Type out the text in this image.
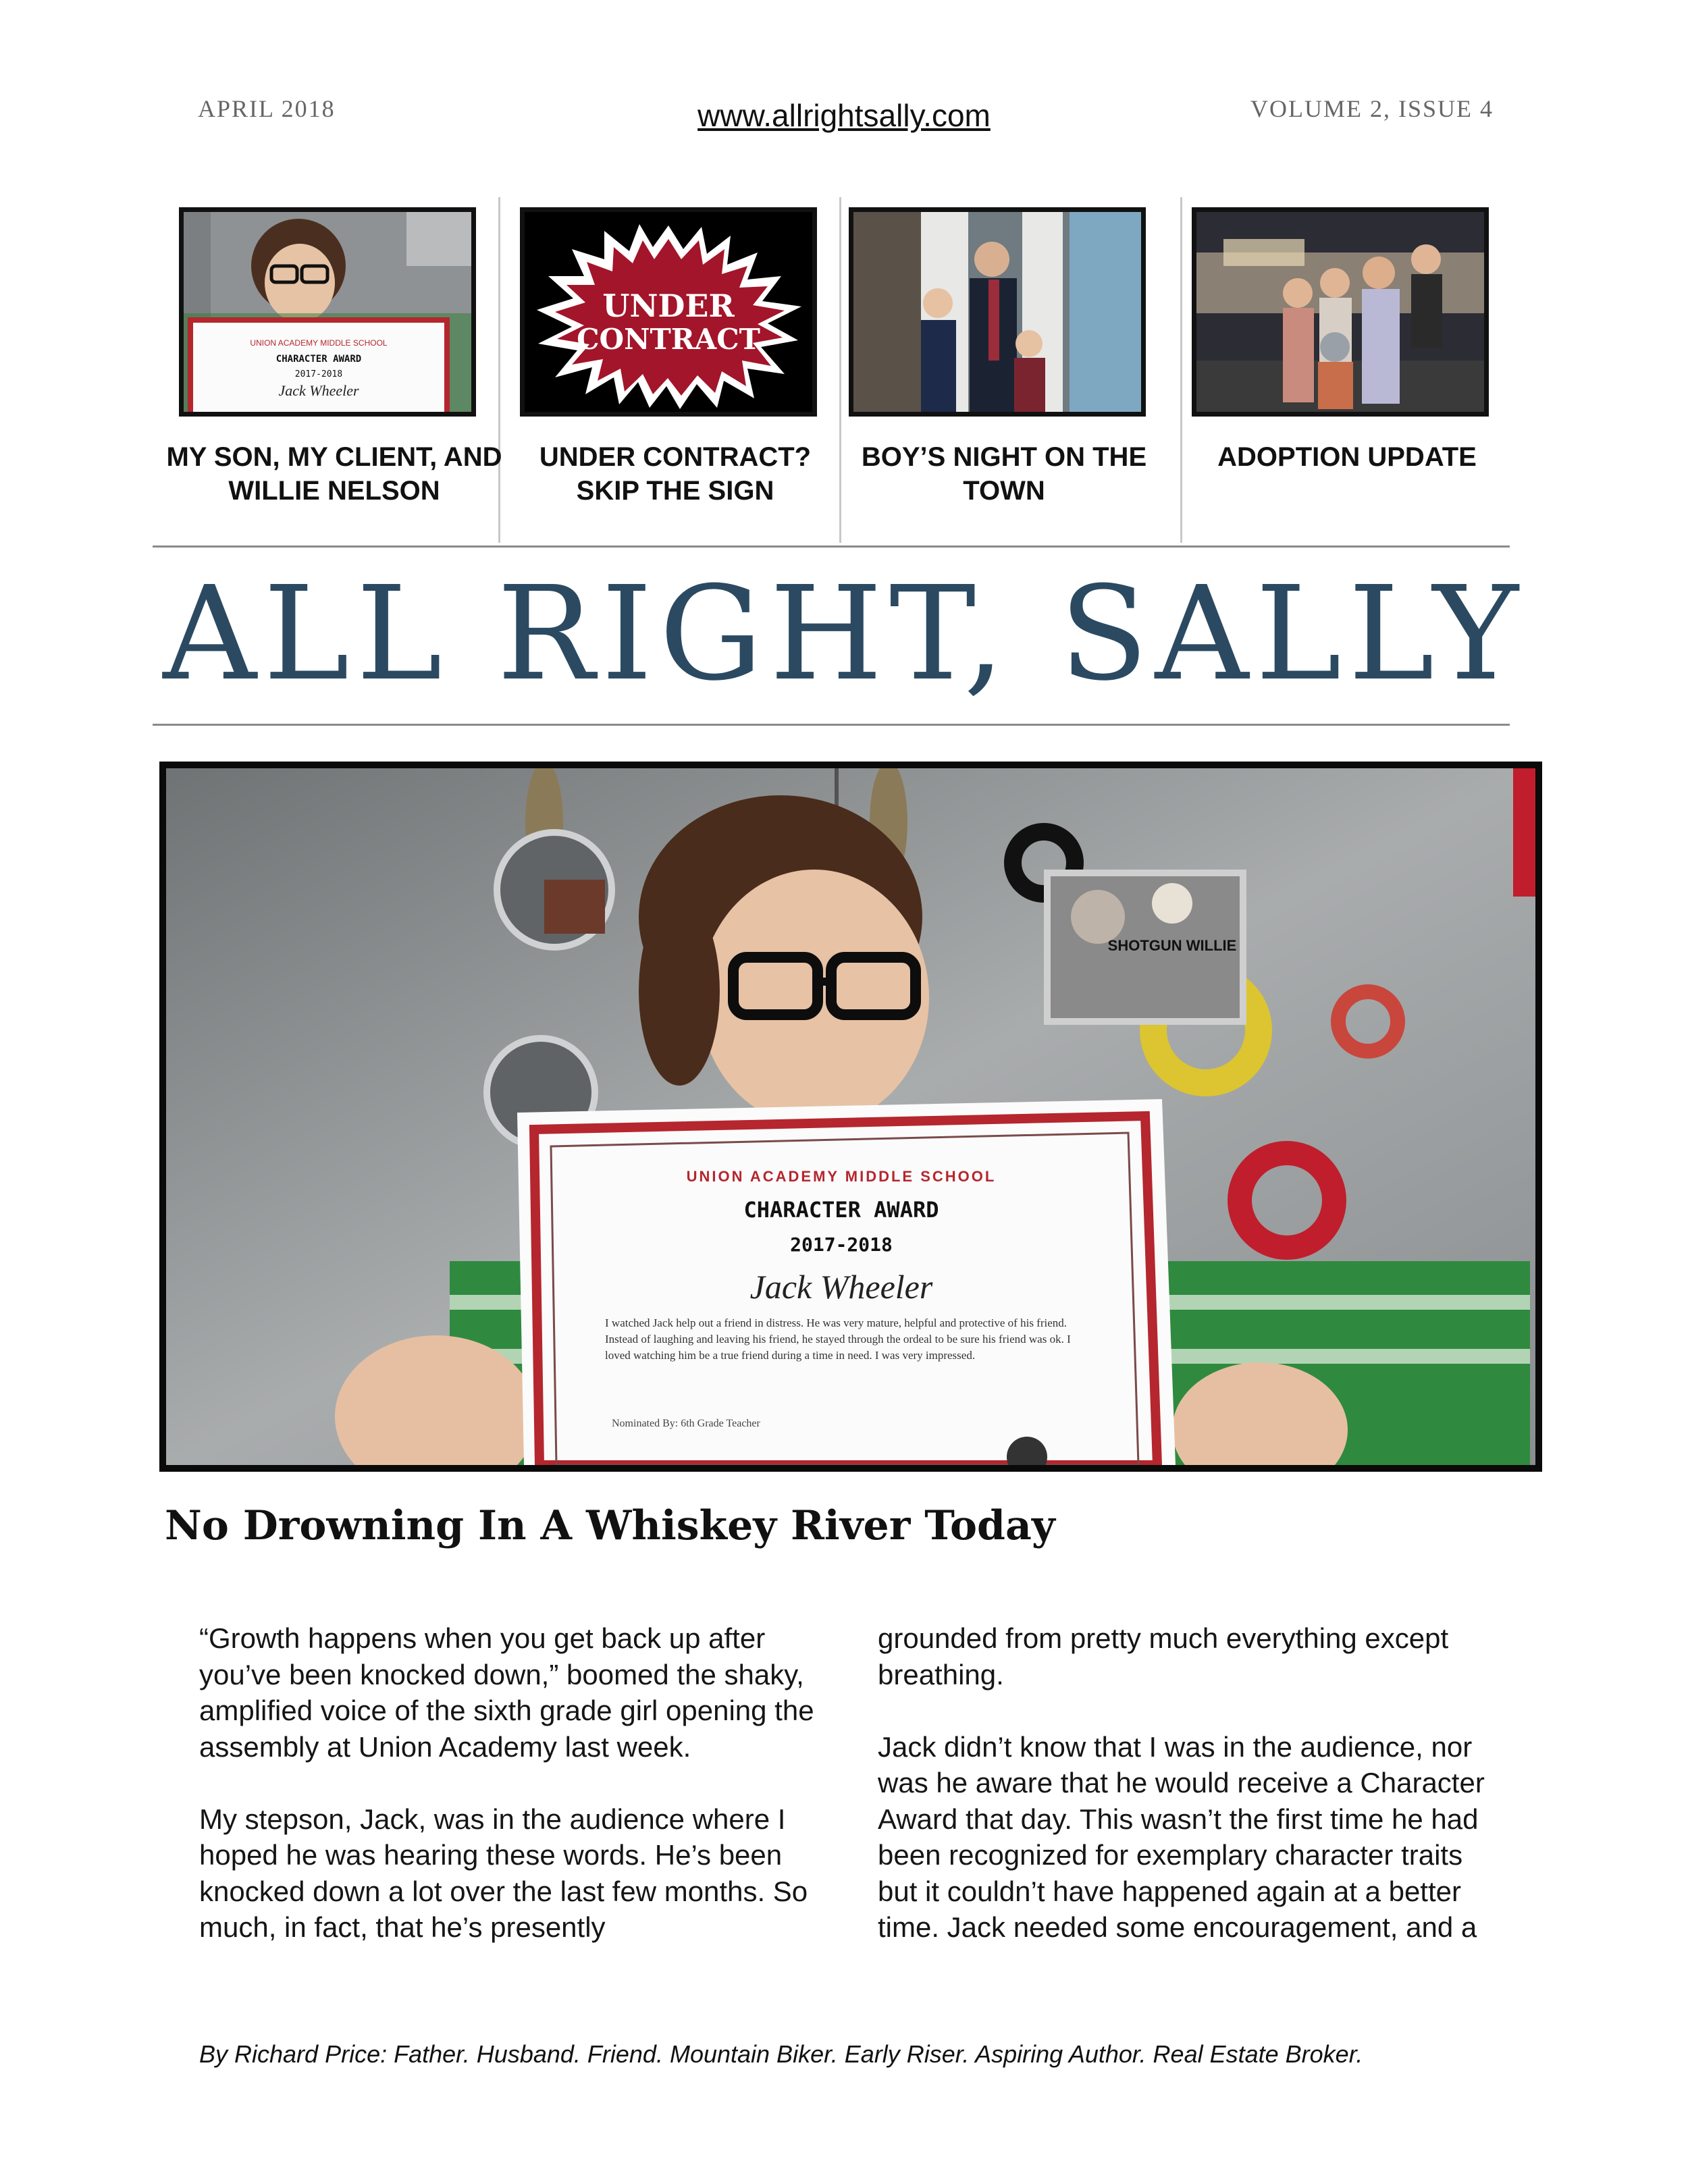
APRIL 2018	www.allrightsally.com	VOLUME 2, ISSUE 4
UNION ACADEMY MIDDLE SCHOOL
CHARACTER AWARD
2017-2018
Jack Wheeler
MY SON, MY CLIENT, AND WILLIE NELSON
UNDER
CONTRACT
UNDER CONTRACT? SKIP THE SIGN
BOY’S NIGHT ON THE TOWN
ADOPTION UPDATE
ALL RIGHT, SALLY
SHOTGUN WILLIE
UNION ACADEMY MIDDLE SCHOOL
CHARACTER AWARD
2017-2018
Jack Wheeler
I watched Jack help out a friend in distress. He was very mature, helpful and protective of his friend. Instead of laughing and leaving his friend, he stayed through the ordeal to be sure his friend was ok. I loved watching him be a true friend during a time in need. I was very impressed.
Nominated By: 6th Grade Teacher
No Drowning In A Whiskey River Today

“Growth happens when you get back up after you’ve been knocked down,” boomed the shaky, amplified voice of the sixth grade girl opening the assembly at Union Academy last week.

My stepson, Jack, was in the audience where I hoped he was hearing these words. He’s been knocked down a lot over the last few months. So much, in fact, that he’s presently

grounded from pretty much everything except breathing.

Jack didn’t know that I was in the audience, nor was he aware that he would receive a Character Award that day. This wasn’t the first time he had been recognized for exemplary character traits but it couldn’t have happened again at a better time. Jack needed some encouragement, and a

By Richard Price: Father. Husband. Friend. Mountain Biker. Early Riser. Aspiring Author. Real Estate Broker.
